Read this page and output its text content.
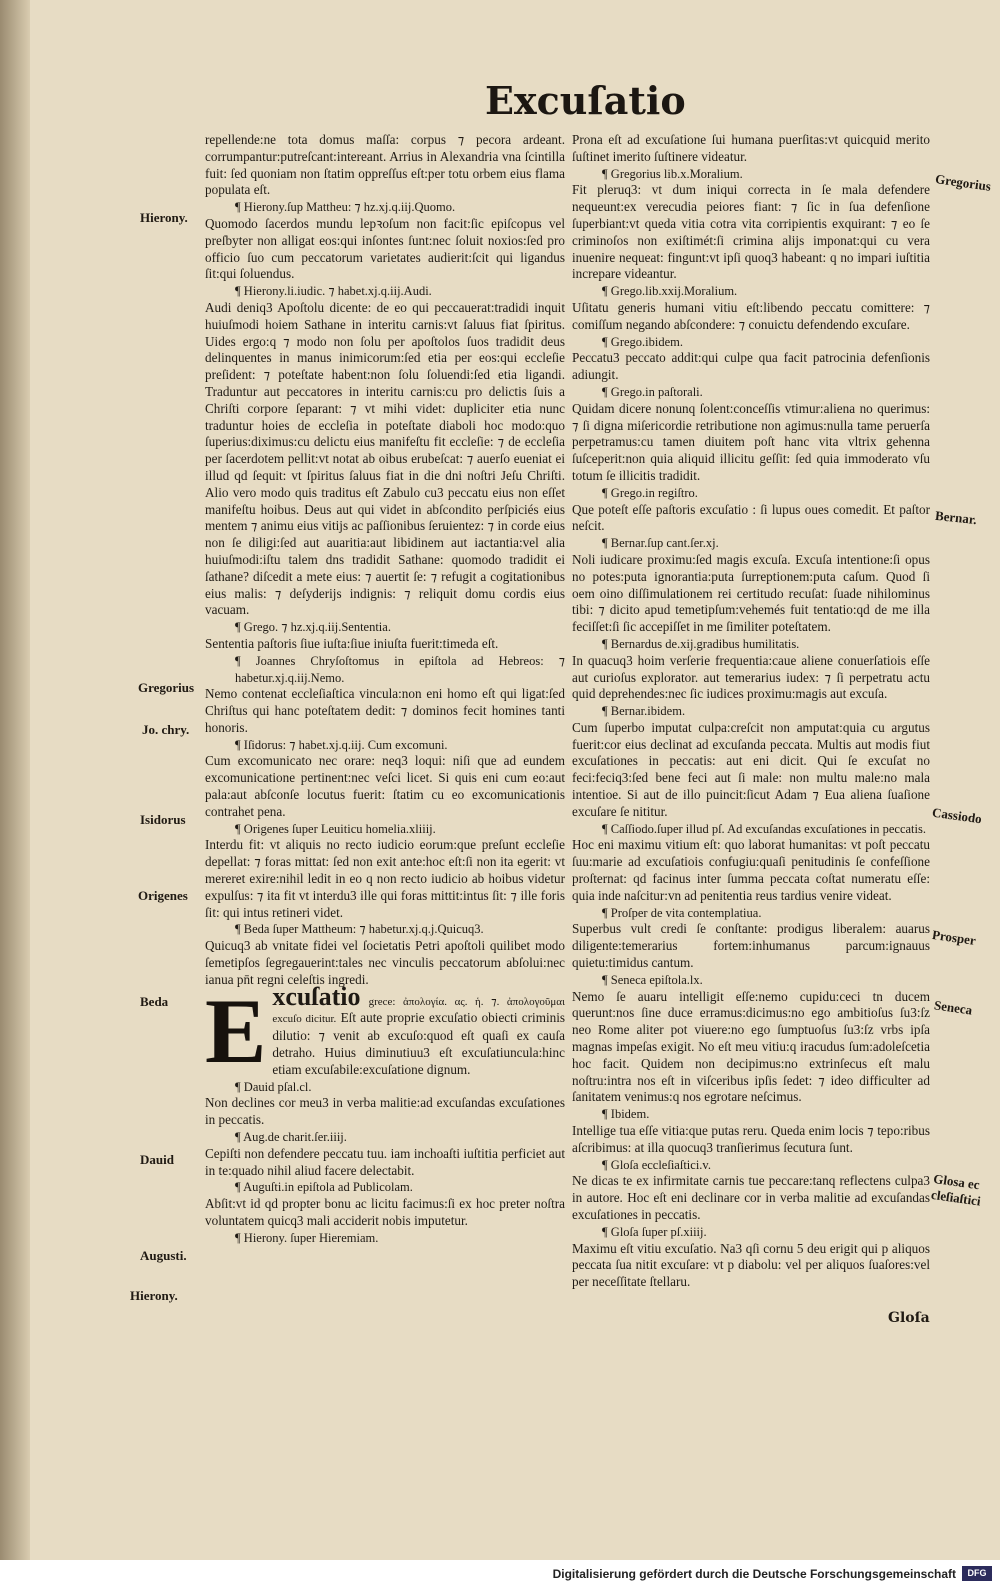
Excuſatio
Hierony.
Gregorius
Jo. chry.
Isidorus
Origenes
Beda
Dauid
Augusti.
Hierony.
Gregorius
Bernar.
Cassiodo
Prosper
Seneca
Glosa ec cleſiaſtici

repellende:ne tota domus maſſa: corpus ⁊ pecora ardeant. corrumpantur:putreſcant:intereant. Arrius in Alexandria vna ſcintilla fuit: ſed quoniam non ſtatim oppreſſus eſt:per totu orbem eius flama populata eſt.

¶ Hierony.ſup Mattheu: ⁊ hz.xj.q.iij.Quomo.

Quomodo ſacerdos mundu lepꝛoſum non facit:ſic epiſcopus vel preſbyter non alligat eos:qui inſontes ſunt:nec ſoluit noxios:ſed pro officio ſuo cum peccatorum varietates audierit:ſcit qui ligandus ſit:qui ſoluendus.

¶ Hierony.li.iudic. ⁊ habet.xj.q.iij.Audi.

Audi deniq3 Apoſtolu dicente: de eo qui peccauerat:tradidi inquit huiuſmodi hoiem Sathane in interitu carnis:vt ſaluus fiat ſpiritus. Uides ergo:q ⁊ modo non ſolu per apoſtolos ſuos tradidit deus delinquentes in manus inimicorum:ſed etia per eos:qui eccleſie preſident: ⁊ poteſtate habent:non ſolu ſoluendi:ſed etia ligandi. Traduntur aut peccatores in interitu carnis:cu pro delictis ſuis a Chriſti corpore ſeparant: ⁊ vt mihi videt: dupliciter etia nunc traduntur hoies de eccleſia in poteſtate diaboli hoc modo:quo ſuperius:diximus:cu delictu eius manifeſtu fit eccleſie: ⁊ de eccleſia per ſacerdotem pellit:vt notat ab oibus erubeſcat: ⁊ auerſo eueniat ei illud qd ſequit: vt ſpiritus ſaluus fiat in die dni noſtri Jeſu Chriſti. Alio vero modo quis traditus eſt Zabulo cu3 peccatu eius non eſſet manifeſtu hoibus. Deus aut qui videt in abſcondito perſpiciés eius mentem ⁊ animu eius vitijs ac paſſionibus ſeruientez: ⁊ in corde eius non ſe diligi:ſed aut auaritia:aut libidinem aut iactantia:vel alia huiuſmodi:iſtu talem dns tradidit Sathane: quomodo tradidit ei ſathane? diſcedit a mete eius: ⁊ auertit ſe: ⁊ refugit a cogitationibus eius malis: ⁊ deſyderijs indignis: ⁊ reliquit domu cordis eius vacuam.

¶ Grego. ⁊ hz.xj.q.iij.Sententia.

Sententia paſtoris ſiue iuſta:ſiue iniuſta fuerit:timeda eſt.

¶ Joannes Chryſoſtomus in epiſtola ad Hebreos: ⁊ habetur.xj.q.iij.Nemo.

Nemo contenat eccleſiaſtica vincula:non eni homo eſt qui ligat:ſed Chriſtus qui hanc poteſtatem dedit: ⁊ dominos fecit homines tanti honoris.

¶ Iſidorus: ⁊ habet.xj.q.iij. Cum excomuni.

Cum excomunicato nec orare: neq3 loqui: niſi que ad eundem excomunicatione pertinent:nec veſci licet. Si quis eni cum eo:aut pala:aut abſconſe locutus fuerit: ſtatim cu eo excomunicationis contrahet pena.

¶ Origenes ſuper Leuiticu homelia.xliiij.

Interdu fit: vt aliquis no recto iudicio eorum:que preſunt eccleſie depellat: ⁊ foras mittat: ſed non exit ante:hoc eſt:ſi non ita egerit: vt mereret exire:nihil ledit in eo q non recto iudicio ab hoibus videtur expulſus: ⁊ ita fit vt interdu3 ille qui foras mittit:intus ſit: ⁊ ille foris ſit: qui intus retineri videt.

¶ Beda ſuper Mattheum: ⁊ habetur.xj.q.j.Quicuq3.

Quicuq3 ab vnitate fidei vel ſocietatis Petri apoſtoli quilibet modo ſemetipſos ſegregauerint:tales nec vinculis peccatorum abſolui:nec ianua pn̄t regni celeſtis ingredi.

E xcuſatio grece: ἀπολογία. ας. ἡ. ⁊. ἀπολογοῦμαι excuſo dicitur. Eſt aute proprie excuſatio obiecti criminis dilutio: ⁊ venit ab excuſo:quod eſt quaſi ex cauſa detraho. Huius diminutiuu3 eſt excuſatiuncula:hinc etiam excuſabile:excuſatione dignum.

¶ Dauid pſal.cl.

Non declines cor meu3 in verba malitie:ad excuſandas excuſationes in peccatis.

¶ Aug.de charit.ſer.iiij.

Cepiſti non defendere peccatu tuu. iam inchoaſti iuſtitia perficiet aut in te:quado nihil aliud facere delectabit.

¶ Auguſti.in epiſtola ad Publicolam.

Abſit:vt id qd propter bonu ac licitu facimus:ſi ex hoc preter noſtra voluntatem quicq3 mali acciderit nobis imputetur.

¶ Hierony. ſuper Hieremiam.

Prona eſt ad excuſatione ſui humana puerſitas:vt quicquid merito ſuſtinet imerito ſuſtinere videatur.

¶ Gregorius lib.x.Moralium.

Fit pleruq3: vt dum iniqui correcta in ſe mala defendere nequeunt:ex verecudia peiores fiant: ⁊ ſic in ſua defenſione ſuperbiant:vt queda vitia cotra vita corripientis exquirant: ⁊ eo ſe criminoſos non exiſtimét:ſi crimina alijs imponat:qui cu vera inuenire nequeat: fingunt:vt ipſi quoq3 habeant: q no impari iuſtitia increpare videantur.

¶ Grego.lib.xxij.Moralium.

Uſitatu generis humani vitiu eſt:libendo peccatu comittere: ⁊ comiſſum negando abſcondere: ⁊ conuictu defendendo excuſare.

¶ Grego.ibidem.

Peccatu3 peccato addit:qui culpe qua facit patrocinia defenſionis adiungit.

¶ Grego.in paſtorali.

Quidam dicere nonunq ſolent:conceſſis vtimur:aliena no querimus: ⁊ ſi digna miſericordie retributione non agimus:nulla tame peruerſa perpetramus:cu tamen diuitem poſt hanc vita vltrix gehenna ſuſceperit:non quia aliquid illicitu geſſit: ſed quia immoderato vſu totum ſe illicitis tradidit.

¶ Grego.in regiſtro.

Que poteſt eſſe paſtoris excuſatio : ſi lupus oues comedit. Et paſtor neſcit.

¶ Bernar.ſup cant.ſer.xj.

Noli iudicare proximu:ſed magis excuſa. Excuſa intentione:ſi opus no potes:puta ignorantia:puta ſurreptionem:puta caſum. Quod ſi oem oino diſſimulationem rei certitudo recuſat: ſuade nihilominus tibi: ⁊ dicito apud temetipſum:vehemés fuit tentatio:qd de me illa feciſſet:ſi ſic accepiſſet in me ſimiliter poteſtatem.

¶ Bernardus de.xij.gradibus humilitatis.

In quacuq3 hoim verſerie frequentia:caue aliene conuerſatiois eſſe aut curioſus explorator. aut temerarius iudex: ⁊ ſi perpetratu actu quid deprehendes:nec ſic iudices proximu:magis aut excuſa.

¶ Bernar.ibidem.

Cum ſuperbo imputat culpa:creſcit non amputat:quia cu argutus fuerit:cor eius declinat ad excuſanda peccata. Multis aut modis fiut excuſationes in peccatis: aut eni dicit. Qui ſe excuſat no feci:feciq3:ſed bene feci aut ſi male: non multu male:no mala intentioe. Si aut de illo puincit:ſicut Adam ⁊ Eua aliena ſuaſione excuſare ſe nititur.

¶ Caſſiodo.ſuper illud pſ. Ad excuſandas excuſationes in peccatis.

Hoc eni maximu vitium eſt: quo laborat humanitas: vt poſt peccatu ſuu:marie ad excuſatiois confugiu:quaſi penitudinis ſe confeſſione proſternat: qd facinus inter ſumma peccata coſtat numeratu eſſe: quia inde naſcitur:vn ad penitentia reus tardius venire videat.

¶ Proſper de vita contemplatiua.

Superbus vult credi ſe conſtante: prodigus liberalem: auarus diligente:temerarius fortem:inhumanus parcum:ignauus quietu:timidus cantum.

¶ Seneca epiſtola.lx.

Nemo ſe auaru intelligit eſſe:nemo cupidu:ceci tn ducem querunt:nos ſine duce erramus:dicimus:no ego ambitioſus ſu3:ſz neo Rome aliter pot viuere:no ego ſumptuoſus ſu3:ſz vrbs ipſa magnas impeſas exigit. No eſt meu vitiu:q iracudus ſum:adoleſcetia hoc facit. Quidem non decipimus:no extrinſecus eſt malu noſtru:intra nos eſt in viſceribus ipſis ſedet: ⁊ ideo difficulter ad ſanitatem venimus:q nos egrotare neſcimus.

¶ Ibidem.

Intellige tua eſſe vitia:que putas reru. Queda enim locis ⁊ tepo:ribus aſcribimus: at illa quocuq3 tranſierimus ſecutura ſunt.

¶ Gloſa eccleſiaſtici.v.

Ne dicas te ex infirmitate carnis tue peccare:tanq reflectens culpa3 in autore. Hoc eſt eni declinare cor in verba malitie ad excuſandas excuſationes in peccatis.

¶ Gloſa ſuper pſ.xiiij.

Maximu eſt vitiu excuſatio. Na3 qſi cornu 5 deu erigit qui p aliquos peccata ſua nitit excuſare: vt p diabolu: vel per aliquos ſuaſores:vel per neceſſitate ſtellaru.

Gloſa
Digitalisierung gefördert durch die Deutsche Forschungsgemeinschaft	DFG
